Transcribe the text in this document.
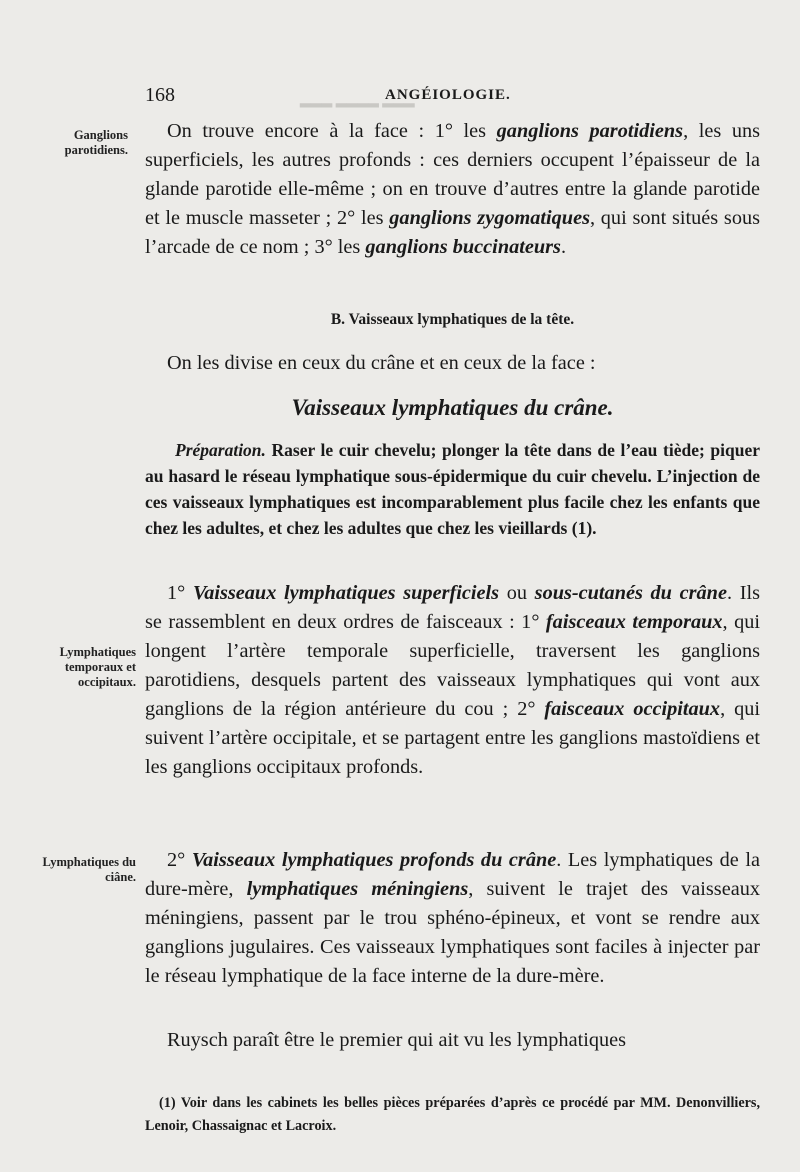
▂▂▂ ▂▂▂▂ ▂▂▂
168	ANGÉIOLOGIE.
Ganglions parotidiens.
Lymphatiques temporaux et occipitaux.
Lymphatiques du ciâne.

On trouve encore à la face : 1° les ganglions parotidiens, les uns superficiels, les autres profonds : ces derniers occupent l’épaisseur de la glande parotide elle-même ; on en trouve d’autres entre la glande parotide et le muscle masseter ; 2° les ganglions zygomatiques, qui sont situés sous l’arcade de ce nom ; 3° les ganglions buccinateurs.

B. Vaisseaux lymphatiques de la tête.

On les divise en ceux du crâne et en ceux de la face :

Vaisseaux lymphatiques du crâne.
Préparation. Raser le cuir chevelu; plonger la tête dans de l’eau tiède; piquer au hasard le réseau lymphatique sous-épidermique du cuir chevelu. L’injection de ces vaisseaux lymphatiques est incomparablement plus facile chez les enfants que chez les adultes, et chez les adultes que chez les vieillards (1).

1° Vaisseaux lymphatiques superficiels ou sous-cutanés du crâne. Ils se rassemblent en deux ordres de faisceaux : 1° faisceaux temporaux, qui longent l’artère temporale superficielle, traversent les ganglions parotidiens, desquels partent des vaisseaux lymphatiques qui vont aux ganglions de la région antérieure du cou ; 2° faisceaux occipitaux, qui suivent l’artère occipitale, et se partagent entre les ganglions mastoïdiens et les ganglions occipitaux profonds.

2° Vaisseaux lymphatiques profonds du crâne. Les lymphatiques de la dure-mère, lymphatiques méningiens, suivent le trajet des vaisseaux méningiens, passent par le trou sphéno-épineux, et vont se rendre aux ganglions jugulaires. Ces vaisseaux lymphatiques sont faciles à injecter par le réseau lymphatique de la face interne de la dure-mère.

Ruysch paraît être le premier qui ait vu les lymphatiques

(1) Voir dans les cabinets les belles pièces préparées d’après ce procédé par MM. Denonvilliers, Lenoir, Chassaignac et Lacroix.
